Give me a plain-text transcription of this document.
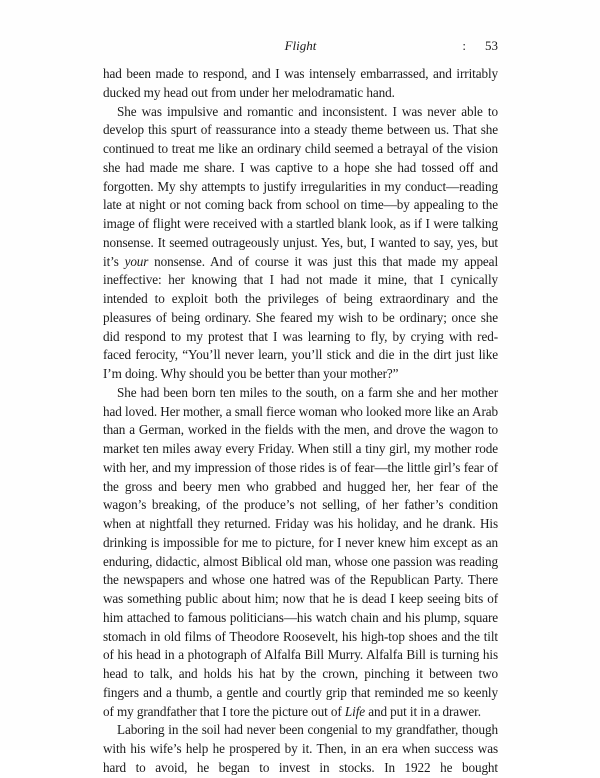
Flight	: 53

had been made to respond, and I was intensely embarrassed, and irritably ducked my head out from under her melodramatic hand.

She was impulsive and romantic and inconsistent. I was never able to develop this spurt of reassurance into a steady theme between us. That she continued to treat me like an ordinary child seemed a betrayal of the vision she had made me share. I was captive to a hope she had tossed off and forgotten. My shy attempts to justify irregularities in my conduct—reading late at night or not coming back from school on time—by appealing to the image of flight were received with a startled blank look, as if I were talking nonsense. It seemed outrageously unjust. Yes, but, I wanted to say, yes, but it’s your nonsense. And of course it was just this that made my appeal ineffective: her knowing that I had not made it mine, that I cynically intended to exploit both the privileges of being extraordinary and the pleasures of being ordinary. She feared my wish to be ordinary; once she did respond to my protest that I was learning to fly, by crying with red-faced ferocity, “You’ll never learn, you’ll stick and die in the dirt just like I’m doing. Why should you be better than your mother?”

She had been born ten miles to the south, on a farm she and her mother had loved. Her mother, a small fierce woman who looked more like an Arab than a German, worked in the fields with the men, and drove the wagon to market ten miles away every Friday. When still a tiny girl, my mother rode with her, and my impression of those rides is of fear—the little girl’s fear of the gross and beery men who grabbed and hugged her, her fear of the wagon’s breaking, of the produce’s not selling, of her father’s condition when at nightfall they returned. Friday was his holiday, and he drank. His drinking is impossible for me to picture, for I never knew him except as an enduring, didactic, almost Biblical old man, whose one passion was reading the newspapers and whose one hatred was of the Republican Party. There was something public about him; now that he is dead I keep seeing bits of him attached to famous politicians—his watch chain and his plump, square stomach in old films of Theodore Roosevelt, his high-top shoes and the tilt of his head in a photograph of Alfalfa Bill Murry. Alfalfa Bill is turning his head to talk, and holds his hat by the crown, pinching it between two fingers and a thumb, a gentle and courtly grip that reminded me so keenly of my grandfather that I tore the picture out of Life and put it in a drawer.

Laboring in the soil had never been congenial to my grandfather, though with his wife’s help he prospered by it. Then, in an era when success was hard to avoid, he began to invest in stocks. In 1922 he bought
